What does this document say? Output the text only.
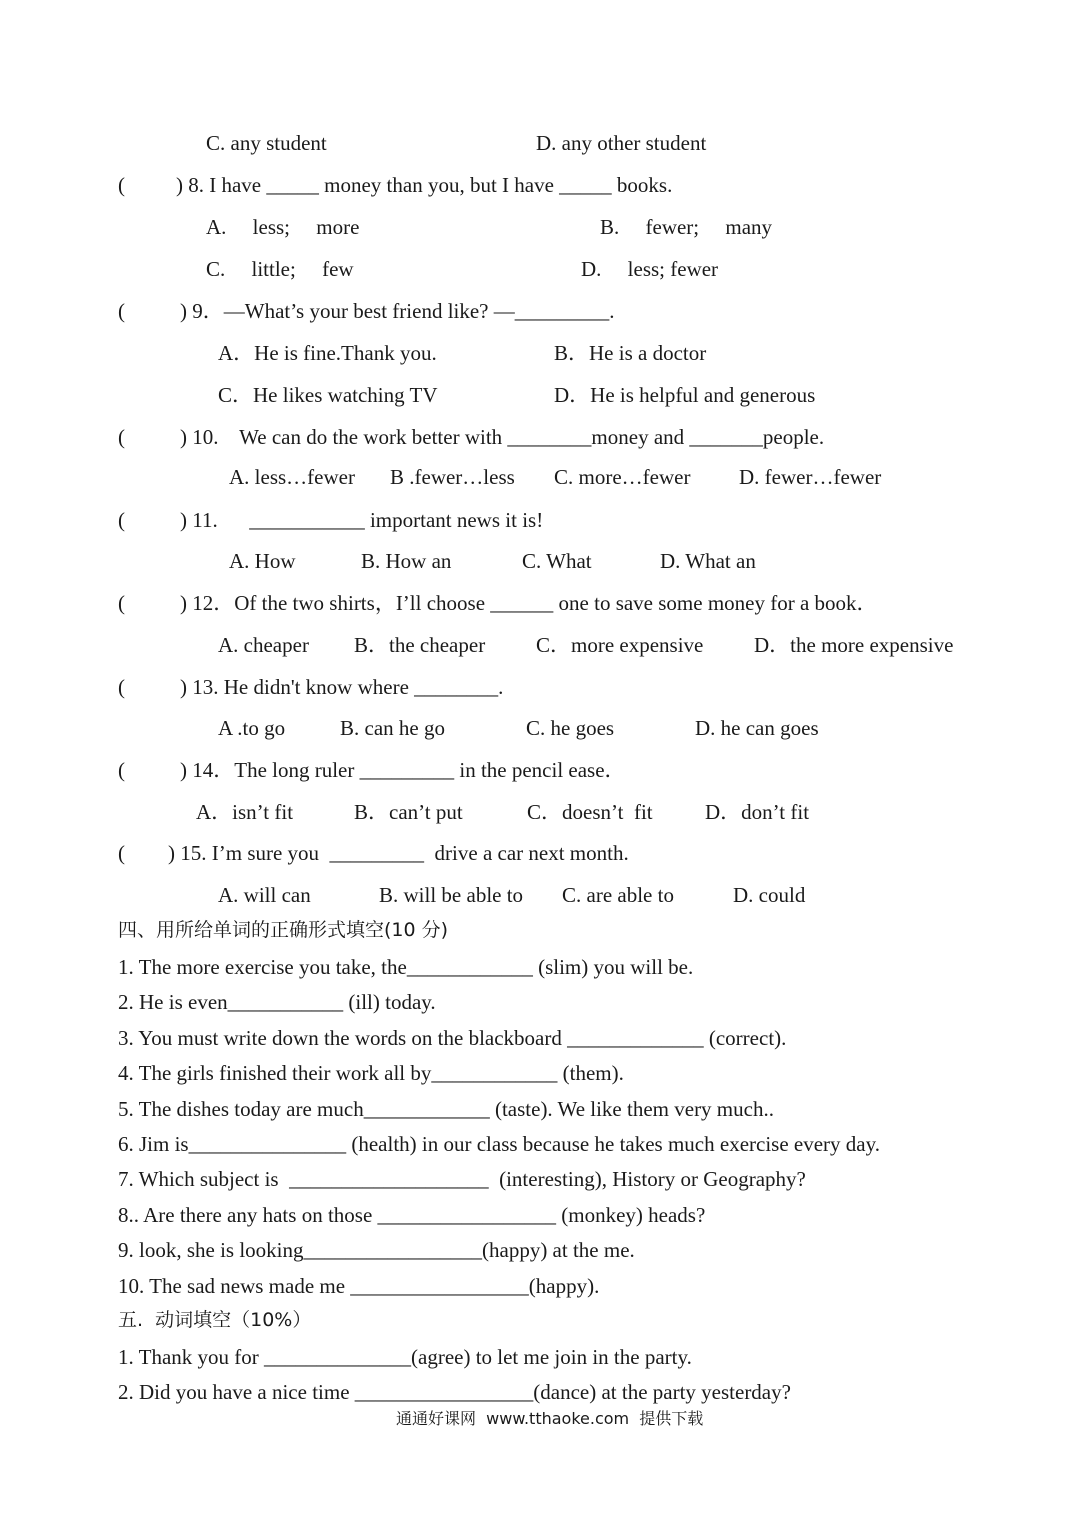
C. any student	D. any other student
( ) 8. I have _____ money than you, but I have _____ books.
A.     less;     more	B.     fewer;     many
C.     little;     few	D.     less; fewer
(	) 9．—What’s your best friend like? —_________.
A．He is fine.Thank you.	B．He is a doctor
C．He likes watching TV	D．He is helpful and generous
(	) 10.    We can do the work better with ________money and _______people.
A. less…fewer B .fewer…less C. more…fewer D. fewer…fewer
(	) 11.      ___________ important news it is!
A. How	B. How an	C. What	D. What an
(	) 12．Of the two shirts，I’ll choose ______ one to save some money for a book．
A. cheaper B．the cheaper C．more expensive D．the more expensive
(	) 13. He didn't know where ________.
A .to go	B. can he go	C. he goes	D. he can goes
(	) 14．The long ruler _________ in the pencil ease．
A．isn’t fit	B．can’t put	C．doesn’t  fit D．don’t fit
( ) 15. I’m sure you  _________  drive a car next month.
A. will can	B. will be able to C. are able to	D. could
四、用所给单词的正确形式填空(10 分)
1. The more exercise you take, the____________ (slim) you will be.
2. He is even___________ (ill) today.
3. You must write down the words on the blackboard _____________ (correct).
4. The girls finished their work all by____________ (them).
5. The dishes today are much____________ (taste). We like them very much..
6. Jim is_______________ (health) in our class because he takes much exercise every day.
7. Which subject is  ___________________  (interesting), History or Geography?
8.. Are there any hats on those _________________ (monkey) heads?
9. look, she is looking_________________(happy) at the me.
10. The sad news made me _________________(happy).
五.  动词填空（10%）
1. Thank you for ______________(agree) to let me join in the party.
2. Did you have a nice time _________________(dance) at the party yesterday?
通通好课网  www.tthaoke.com  提供下载
